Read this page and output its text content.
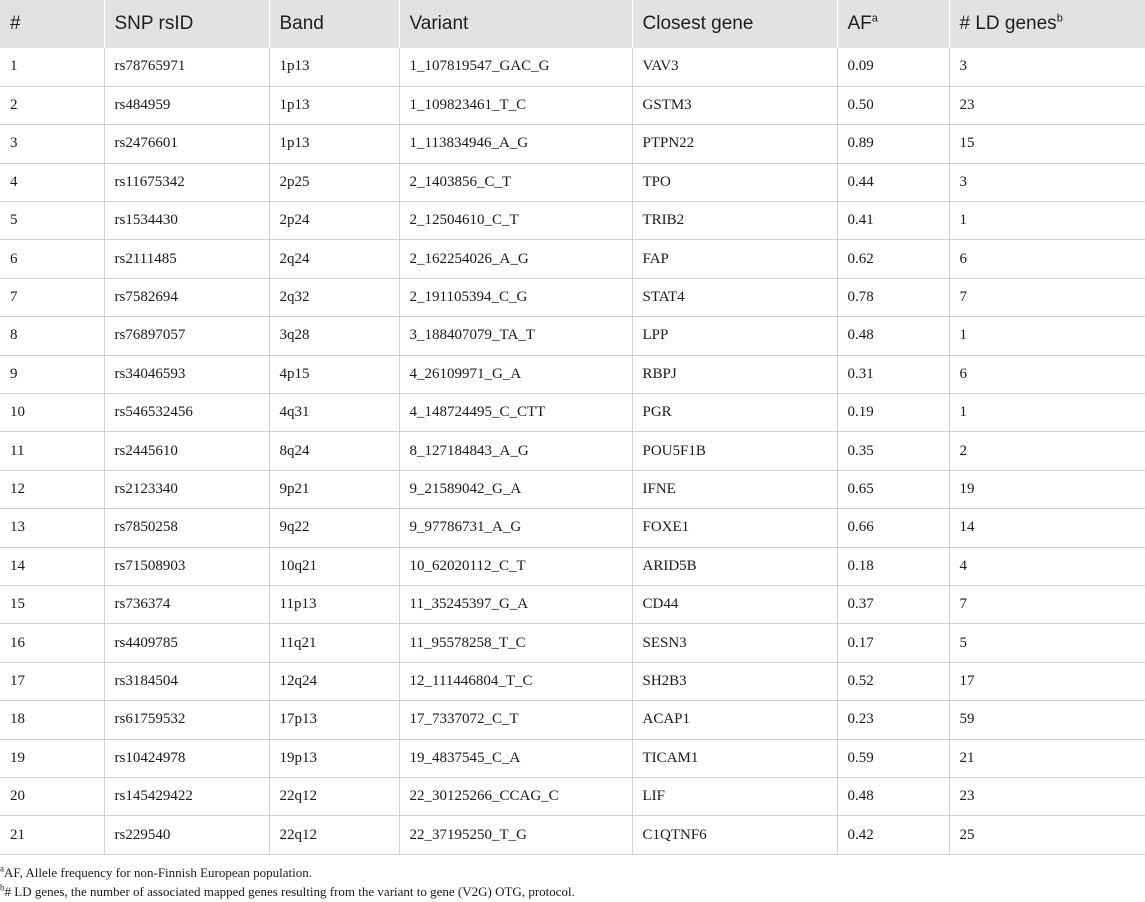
#	SNP rsID	Band	Variant	Closest gene	$AF^a$	# LD genes$^b$
1	rs78765971	1p13	1_107819547_GAC_G	VAV3	0.09	3
2	rs484959	1p13	1_109823461_T_C	GSTM3	0.50	23
3	rs2476601	1p13	1_113834946_A_G	PTPN22	0.89	15
4	rs11675342	2p25	2_1403856_C_T	TPO	0.44	3
5	rs1534430	2p24	2_12504610_C_T	TRIB2	0.41	1
6	rs2111485	2q24	2_162254026_A_G	FAP	0.62	6
7	rs7582694	2q32	2_191105394_C_G	STAT4	0.78	7
8	rs76897057	3q28	3_188407079_TA_T	LPP	0.48	1
9	rs34046593	4p15	4_26109971_G_A	RBPJ	0.31	6
10	rs546532456	4q31	4_148724495_C_CTT	PGR	0.19	1
11	rs2445610	8q24	8_127184843_A_G	POU5F1B	0.35	2
12	rs2123340	9p21	9_21589042_G_A	IFNE	0.65	19
13	rs7850258	9q22	9_97786731_A_G	FOXE1	0.66	14
14	rs71508903	10q21	10_62020112_C_T	ARID5B	0.18	4
15	rs736374	11p13	11_35245397_G_A	CD44	0.37	7
16	rs4409785	11q21	11_95578258_T_C	SESN3	0.17	5
17	rs3184504	12q24	12_111446804_T_C	SH2B3	0.52	17
18	rs61759532	17p13	17_7337072_C_T	ACAP1	0.23	59
19	rs10424978	19p13	19_4837545_C_A	TICAM1	0.59	21
20	rs145429422	22q12	22_30125266_CCAG_C	LIF	0.48	23
21	rs229540	22q12	22_37195250_T_G	C1QTNF6	0.42	25
$^a$AF, Allele frequency for non-Finnish European population.
$^b$# LD genes, the number of associated mapped genes resulting from the variant to gene (V2G) OTG, protocol.
